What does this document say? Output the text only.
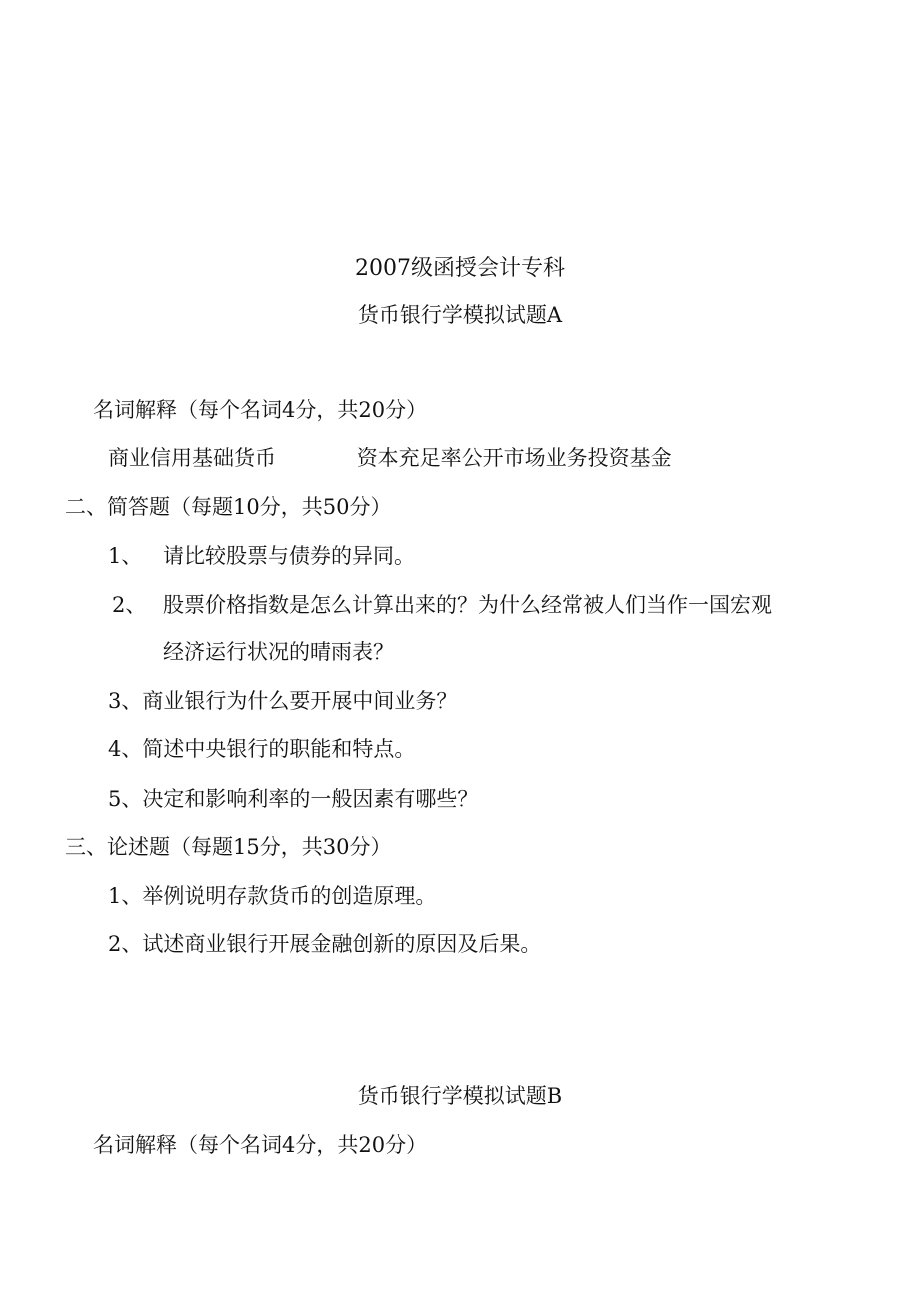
2007级函授会计专科
货币银行学模拟试题A
名词解释（每个名词4分，共20分）
商业信用基础货币	资本充足率公开市场业务投资基金
二、简答题（每题10分，共50分）
1、 请比较股票与债券的异同。
2、 股票价格指数是怎么计算出来的？为什么经常被人们当作一国宏观
经济运行状况的晴雨表？
3、商业银行为什么要开展中间业务？
4、简述中央银行的职能和特点。
5、决定和影响利率的一般因素有哪些？
三、论述题（每题15分，共30分）
1、举例说明存款货币的创造原理。
2、试述商业银行开展金融创新的原因及后果。
货币银行学模拟试题B
名词解释（每个名词4分，共20分）
